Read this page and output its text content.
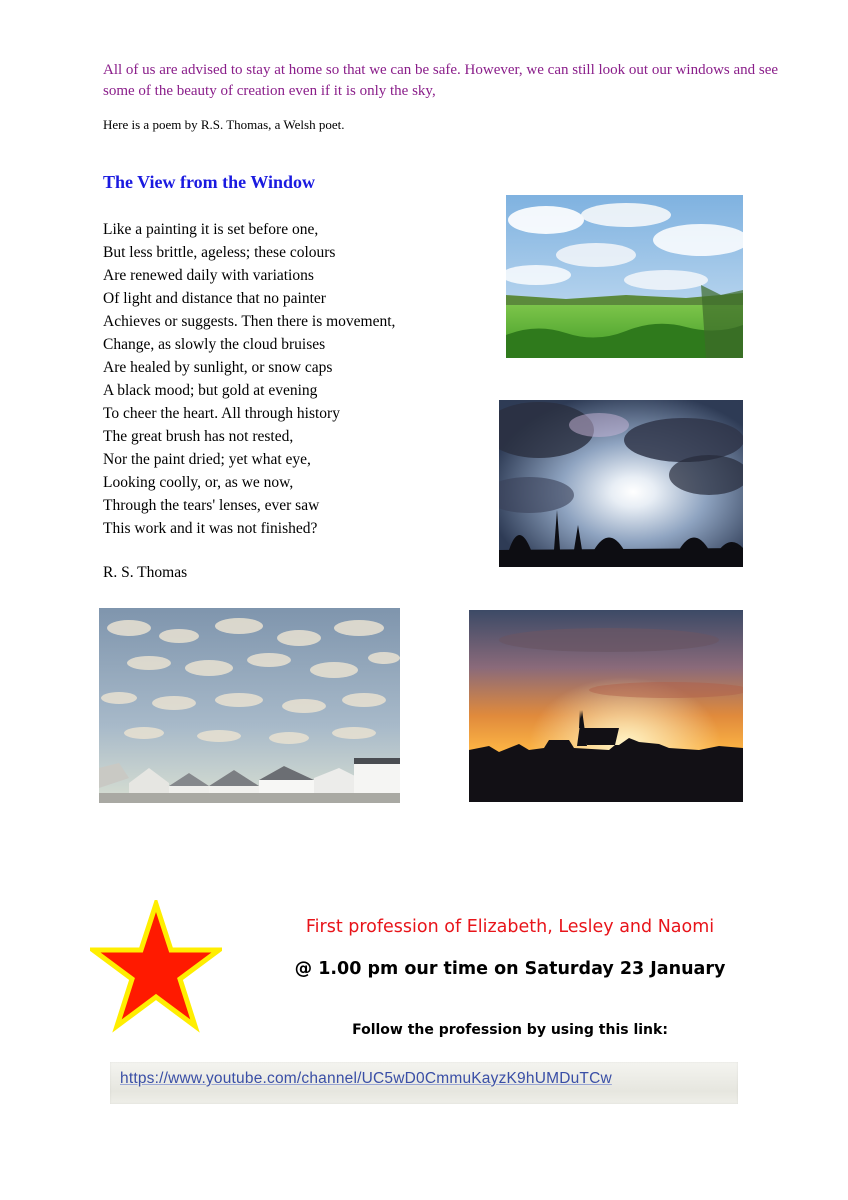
All of us are advised to stay at home so that we can be safe. However, we can still look out our windows and see some of the beauty of creation even if it is only the sky,
Here is a poem by R.S. Thomas, a Welsh poet.
The View from the Window
Like a painting it is set before one,
But less brittle, ageless; these colours
Are renewed daily with variations
Of light and distance that no painter
Achieves or suggests. Then there is movement,
Change, as slowly the cloud bruises
Are healed by sunlight, or snow caps
A black mood; but gold at evening
To cheer the heart. All through history
The great brush has not rested,
Nor the paint dried; yet what eye,
Looking coolly, or, as we now,
Through the tears' lenses, ever saw
This work and it was not finished?
R. S. Thomas
First profession of Elizabeth, Lesley and Naomi
@ 1.00 pm our time on Saturday 23 January
Follow the profession by using this link:
https://www.youtube.com/channel/UC5wD0CmmuKayzK9hUMDuTCw
